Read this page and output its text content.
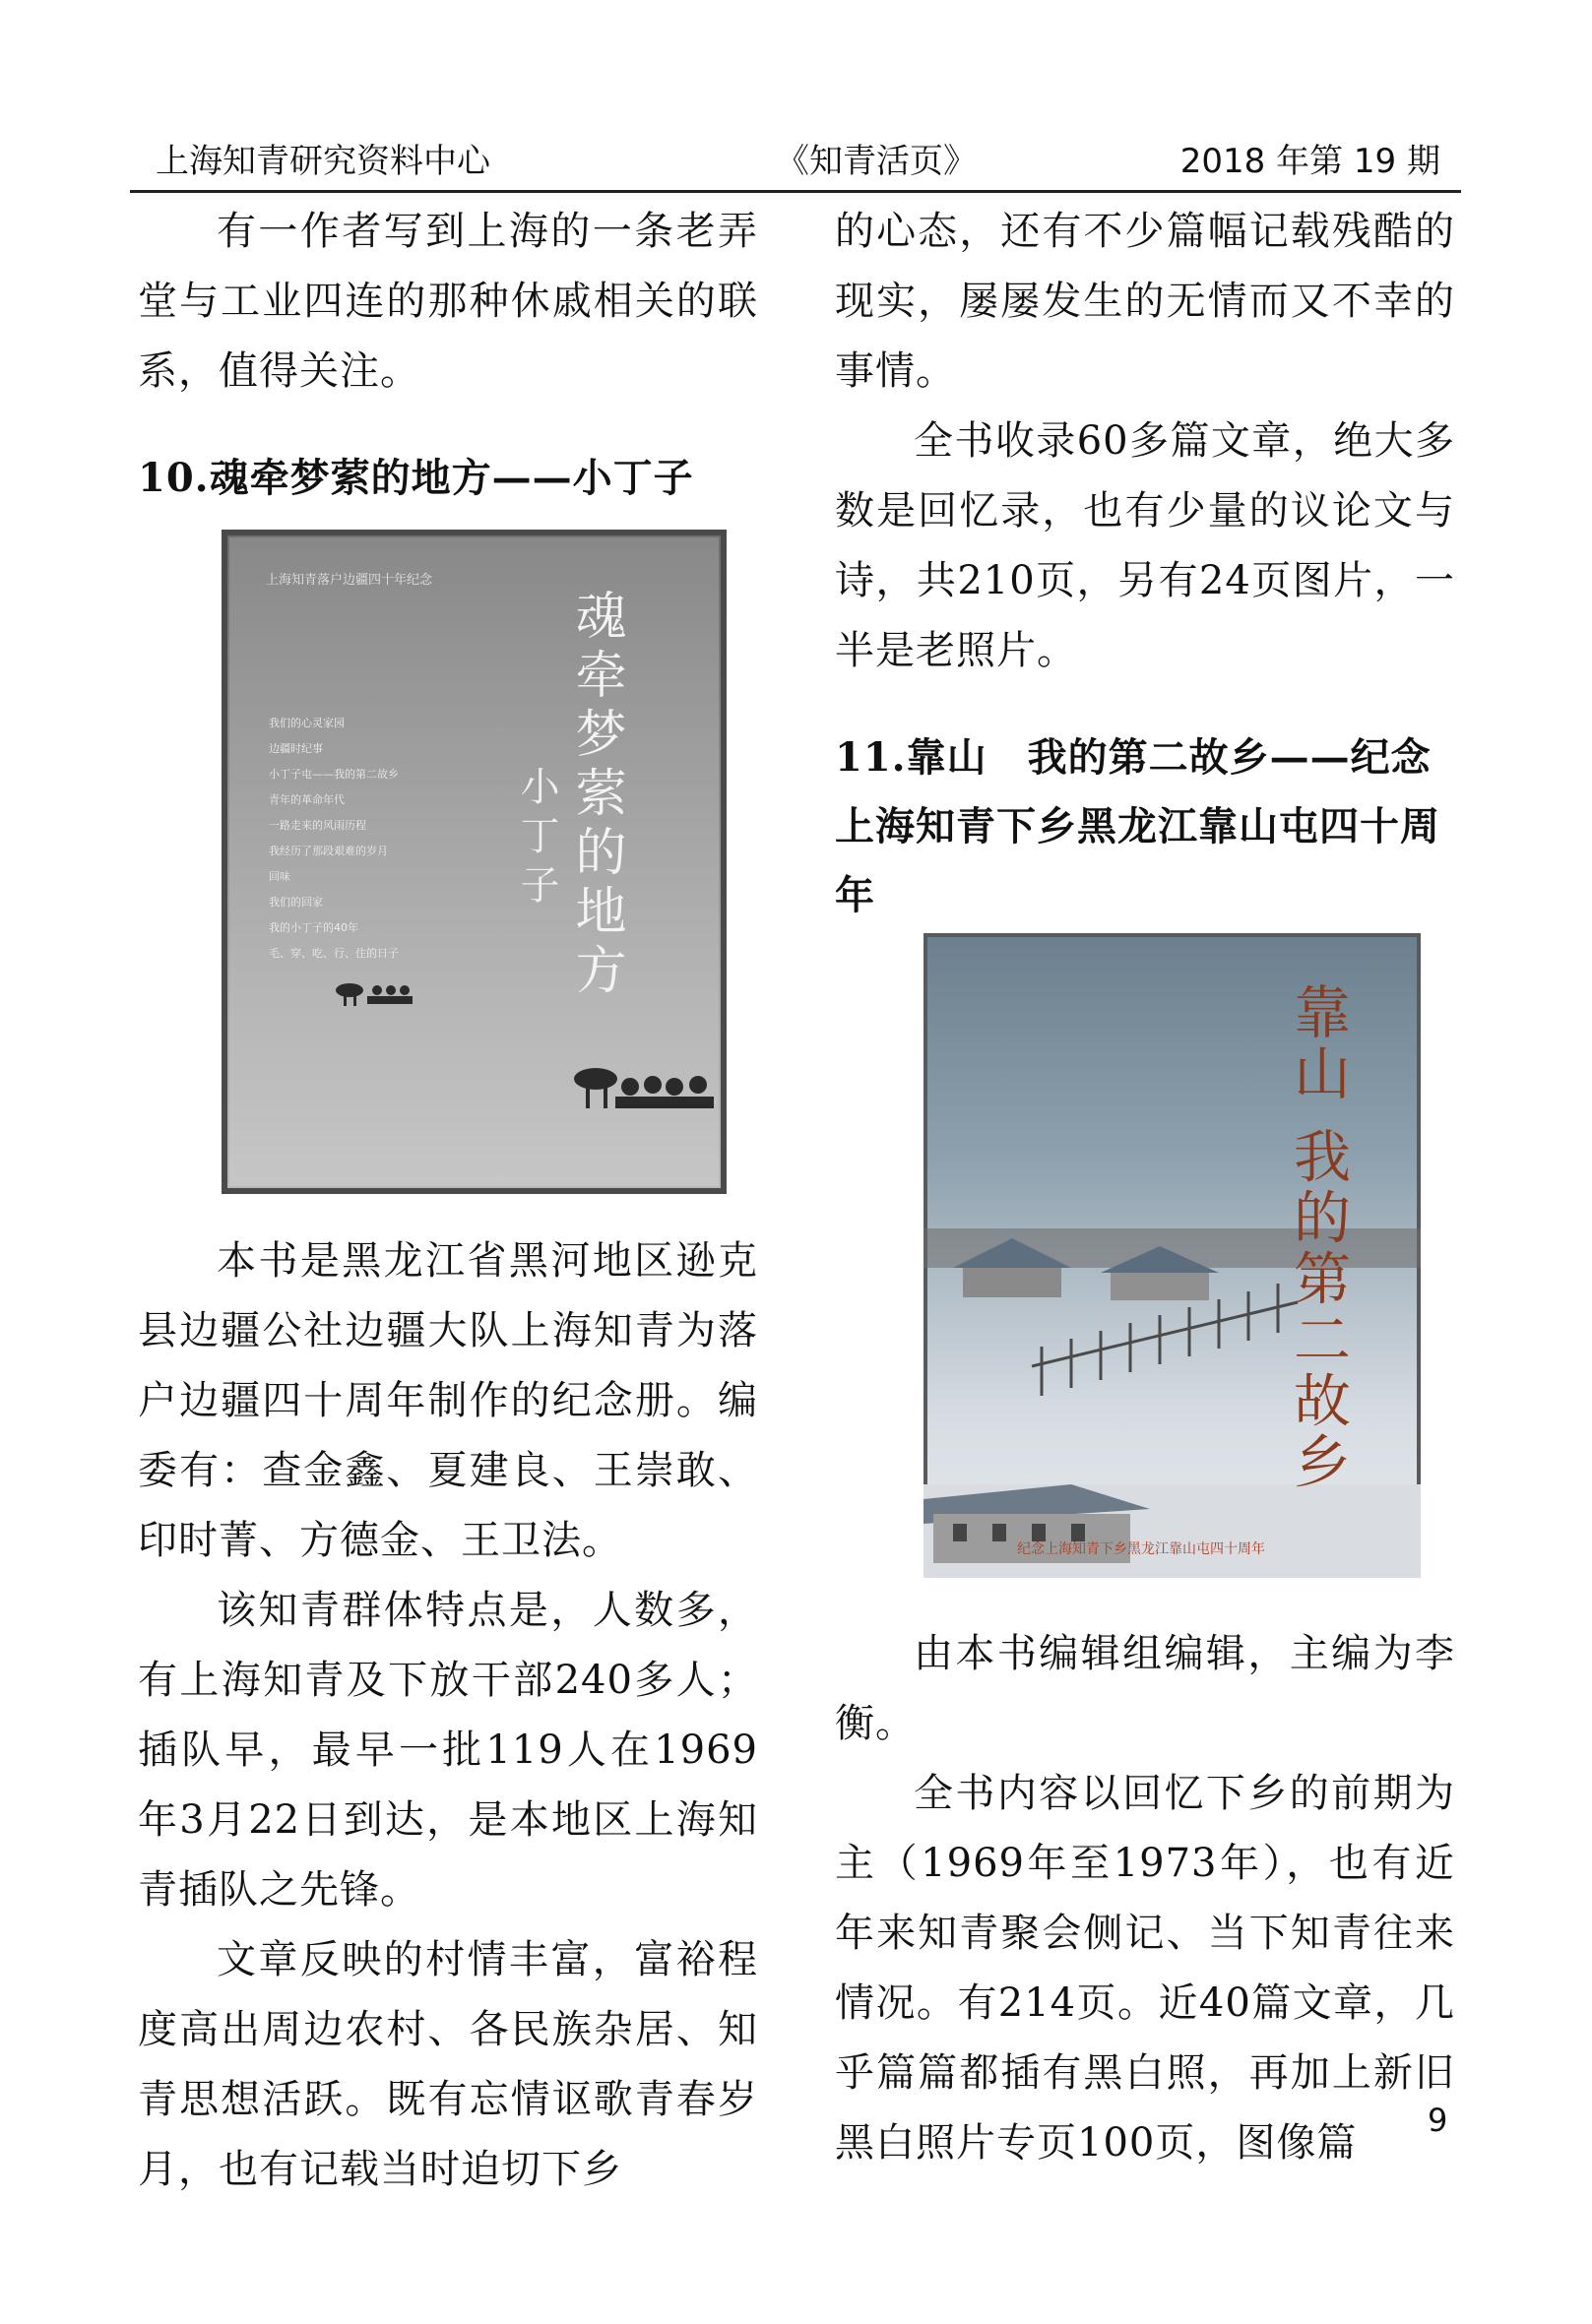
上海知青研究资料中心	《知青活页》	2018 年第 19 期

有一作者写到上海的一条老弄堂与工业四连的那种休戚相关的联系，值得关注。

10.魂牵梦萦的地方——小丁子

本书是黑龙江省黑河地区逊克县边疆公社边疆大队上海知青为落户边疆四十周年制作的纪念册。编委有：查金鑫、夏建良、王崇敢、印时菁、方德金、王卫法。

该知青群体特点是，人数多，有上海知青及下放干部240多人；插队早，最早一批119人在1969年3月22日到达，是本地区上海知青插队之先锋。

文章反映的村情丰富，富裕程度高出周边农村、各民族杂居、知青思想活跃。既有忘情讴歌青春岁月，也有记载当时迫切下乡

上海知青落户边疆四十年纪念
我们的心灵家园
边疆时纪事
小丁子屯——我的第二故乡
青年的革命年代
一路走来的风雨历程
我经历了那段艰难的岁月
回味
我们的回家
我的小丁子的40年
毛、穿、吃、行、住的日子	魂牵梦萦的地方
小丁子

的心态，还有不少篇幅记载残酷的现实，屡屡发生的无情而又不幸的事情。

全书收录60多篇文章，绝大多数是回忆录，也有少量的议论文与诗，共210页，另有24页图片，一半是老照片。

11.靠山　我的第二故乡——纪念上海知青下乡黑龙江靠山屯四十周年

由本书编辑组编辑，主编为李衡。

全书内容以回忆下乡的前期为主（1969年至1973年），也有近年来知青聚会侧记、当下知青往来情况。有214页。近40篇文章，几乎篇篇都插有黑白照，再加上新旧黑白照片专页100页，图像篇

靠山 我的第二故乡
纪念上海知青下乡黑龙江靠山屯四十周年
9
